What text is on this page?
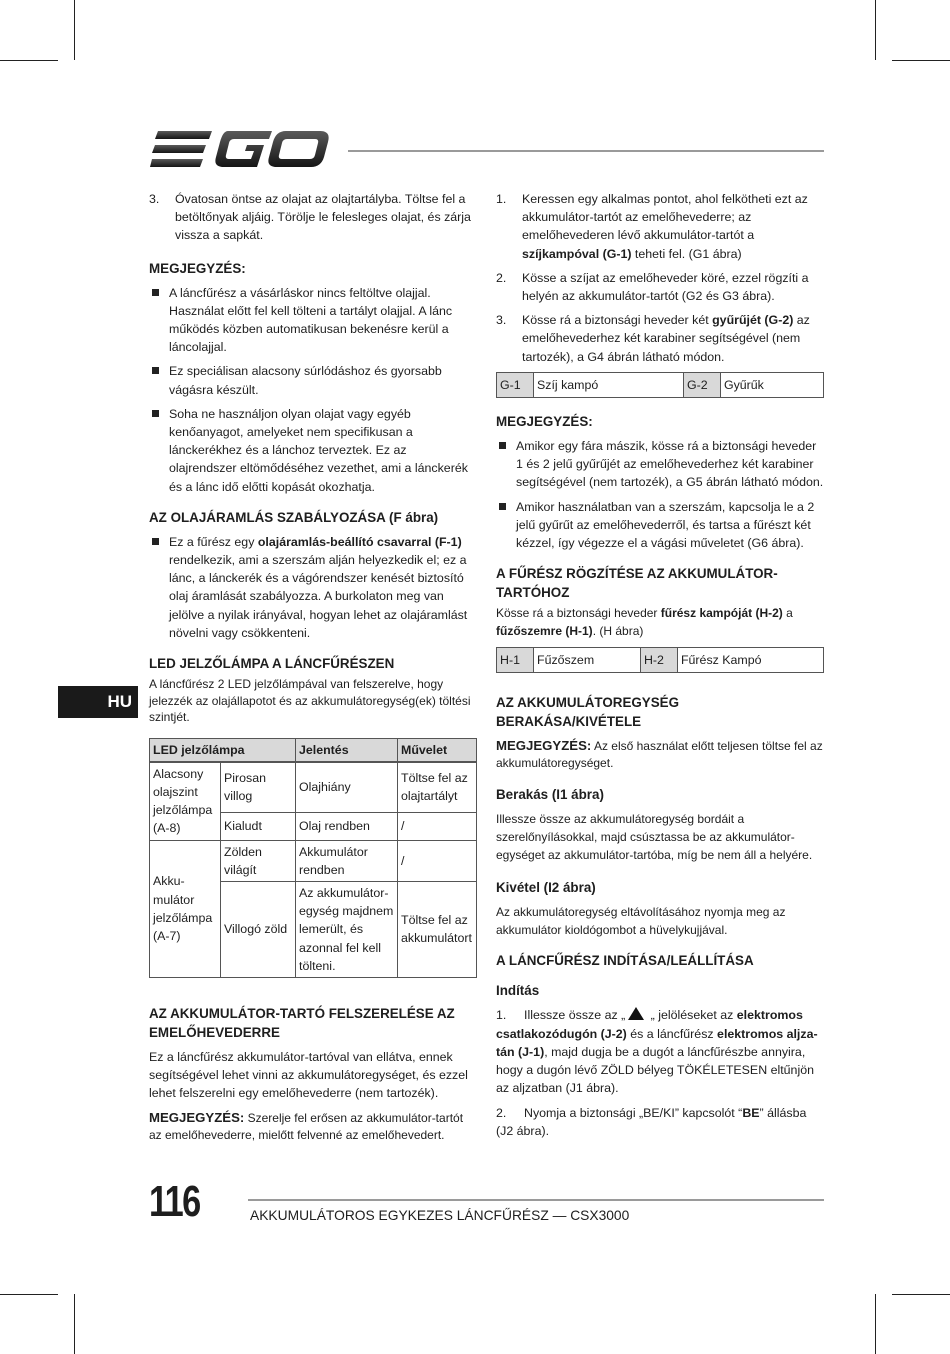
HU
3.	Óvatosan öntse az olajat az olajtartályba. Töltse fel a betöltőnyak aljáig. Törölje le felesleges olajat, és zárja vissza a sapkát.
MEGJEGYZÉS:
A láncfűrész a vásárláskor nincs feltöltve olajjal. Használat előtt fel kell tölteni a tartályt olajjal. A lánc működés közben automatikusan bekenésre kerül a láncolajjal.
Ez speciálisan alacsony súrlódáshoz és gyorsabb vágásra készült.
Soha ne használjon olyan olajat vagy egyéb kenőanyagot, amelyeket nem specifikusan a lánckerékhez és a lánchoz terveztek. Ez az olajrendszer eltömődéséhez vezethet, ami a lánckerék és a lánc idő előtti kopását okozhatja.
AZ OLAJÁRAMLÁS SZABÁLYOZÁSA (F ábra)
Ez a fűrész egy olajáramlás-beállító csavarral (F-1) rendelkezik, ami a szerszám alján helyezkedik el; ez a lánc, a lánckerék és a vágórendszer kenését biztosító olaj áramlását szabályozza. A burkolaton meg van jelölve a nyilak irányával, hogyan lehet az olajáramlást növelni vagy csökkenteni.
LED JELZŐLÁMPA A LÁNCFŰRÉSZEN

A láncfűrész 2 LED jelzőlámpával van felszerelve, hogy jelezzék az olajállapotot és az akkumulátoregység(ek) töltési szintjét.

LED jelzőlámpa		Jelentés	Művelet
Alacsony olajszint jelzőlámpa (A-8)	Pirosan villog	Olajhiány	Töltse fel az olajtartályt
	Kialudt	Olaj rendben	/
Akku-mulátor jelzőlámpa (A-7)	Zölden világít	Akkumulátor rendben	/
	Villogó zöld	Az akkumulátor-egység majdnem lemerült, és azonnal fel kell tölteni.	Töltse fel az akkumulátort
AZ AKKUMULÁTOR-TARTÓ FELSZERELÉSE AZ EMELŐHEVEDERRE

Ez a láncfűrész akkumulátor-tartóval van ellátva, ennek segítségével lehet vinni az akkumulátoregységet, és ezzel lehet felszerelni egy emelőhevederre (nem tartozék).

MEGJEGYZÉS: Szerelje fel erősen az akkumulátor-tartót az emelőhevederre, mielőtt felvenné az emelőhevedert.

1.	Keressen egy alkalmas pontot, ahol felkötheti ezt az akkumulátor-tartót az emelőhevederre; az emelőhevederen lévő akkumulátor-tartót a szíjkampóval (G-1) teheti fel. (G1 ábra)
2.	Kösse a szíjat az emelőheveder köré, ezzel rögzíti a helyén az akkumulátor-tartót (G2 és G3 ábra).
3.	Kösse rá a biztonsági heveder két gyűrűjét (G-2) az emelőhevederhez két karabiner segítségével (nem tartozék), a G4 ábrán látható módon.
G-1	Szíj kampó	G-2	Gyűrűk
MEGJEGYZÉS:
Amikor egy fára mászik, kösse rá a biztonsági heveder 1 és 2 jelű gyűrűjét az emelőhevederhez két karabiner segítségével (nem tartozék), a G5 ábrán látható módon.
Amikor használatban van a szerszám, kapcsolja le a 2 jelű gyűrűt az emelőhevederről, és tartsa a fűrészt két kézzel, így végezze el a vágási műveletet (G6 ábra).
A FŰRÉSZ RÖGZÍTÉSE AZ AKKUMULÁTOR-TARTÓHOZ

Kösse rá a biztonsági heveder fűrész kampóját (H-2) a fűzőszemre (H-1). (H ábra)

H-1	Fűzőszem	H-2	Fűrész Kampó
AZ AKKUMULÁTOREGYSÉG BERAKÁSA/KIVÉTELE

MEGJEGYZÉS: Az első használat előtt teljesen töltse fel az akkumulátoregységet.

Berakás (I1 ábra)

Illessze össze az akkumulátoregység bordáit a szerelőnyílásokkal, majd csúsztassa be az akkumulátor-egységet az akkumulátor-tartóba, míg be nem áll a helyére.

Kivétel (I2 ábra)

Az akkumulátoregység eltávolításához nyomja meg az akkumulátor kioldógombot a hüvelykujjával.

A LÁNCFŰRÉSZ INDÍTÁSA/LEÁLLÍTÁSA
Indítás

1. Illessze össze az „ „ jelöléseket az elektromos csatlakozódugón (J-2) és a láncfűrész elektromos aljza-tán (J-1), majd dugja be a dugót a láncfűrészbe annyira, hogy a dugón lévő ZÖLD bélyeg TÖKÉLETESEN eltűnjön az aljzatban (J1 ábra).

2. Nyomja a biztonsági „BE/KI” kapcsolót “BE” állásba (J2 ábra).

116	AKKUMULÁTOROS EGYKEZES LÁNCFŰRÉSZ — CSX3000
